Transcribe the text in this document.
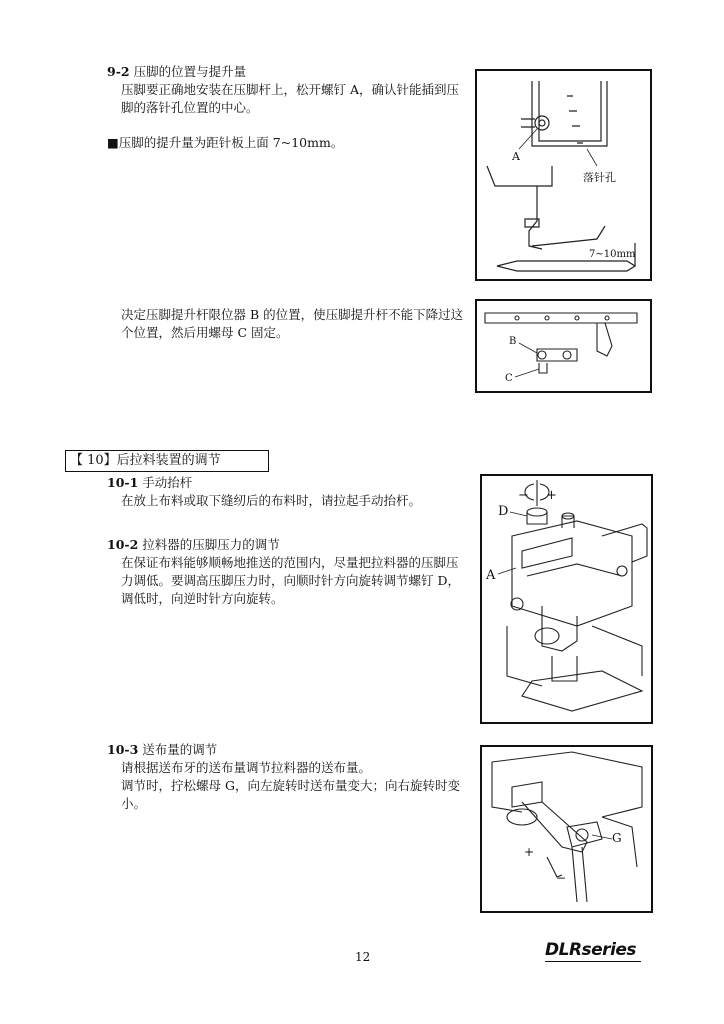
9-2 压脚的位置与提升量
压脚要正确地安装在压脚杆上，松开螺钉 A，确认针能插到压
脚的落针孔位置的中心。
■压脚的提升量为距针板上面 7~10mm。
A
落针孔
7~10mm
决定压脚提升杆限位器 B 的位置，使压脚提升杆不能下降过这
个位置，然后用螺母 C 固定。
B
C
【 10】后拉料装置的调节
10-1 手动抬杆
在放上布料或取下缝纫后的布料时，请拉起手动抬杆。
10-2 拉料器的压脚压力的调节
在保证布料能够顺畅地推送的范围内，尽量把拉料器的压脚压
力调低。要调高压脚压力时，向顺时针方向旋转调节螺钉 D，
调低时，向逆时针方向旋转。
D
A
− +
10-3 送布量的调节
请根据送布牙的送布量调节拉料器的送布量。
调节时，拧松螺母 G，向左旋转时送布量变大；向右旋转时变
小。
G
+
−
12	DLRseries
